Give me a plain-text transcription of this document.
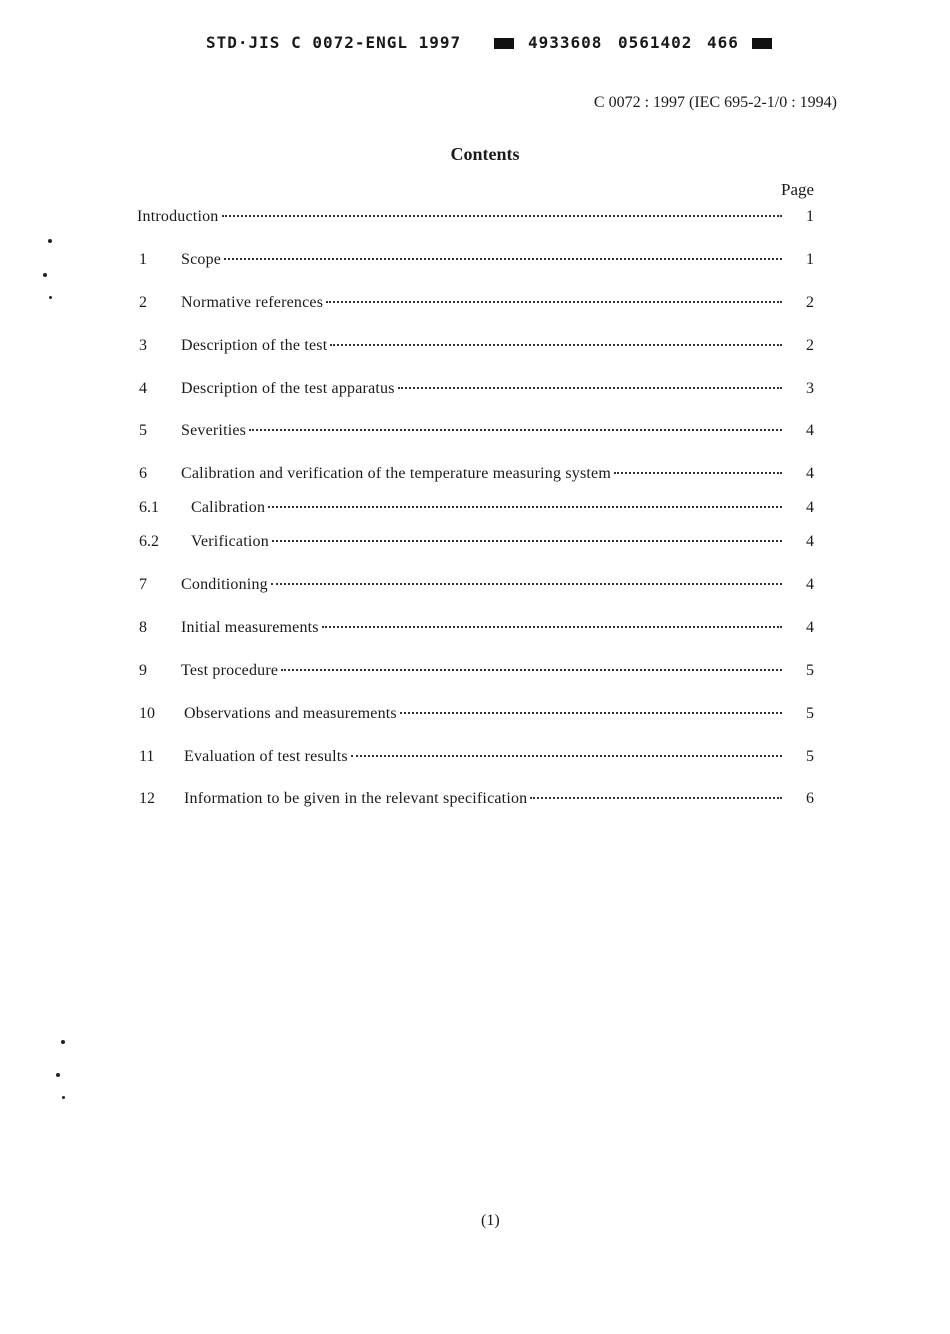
STD·JIS C 0072-ENGL 1997	4933608 0561402 466
C 0072 : 1997 (IEC 695-2-1/0 : 1994)
Contents
Page
Introduction	1
1 Scope	1
2 Normative references	2
3 Description of the test	2
4 Description of the test apparatus	3
5 Severities	4
6 Calibration and verification of the temperature measuring system	4
6.1 Calibration	4
6.2 Verification	4
7 Conditioning	4
8 Initial measurements	4
9 Test procedure	5
10 Observations and measurements	5
11 Evaluation of test results	5
12 Information to be given in the relevant specification	6
(1)
